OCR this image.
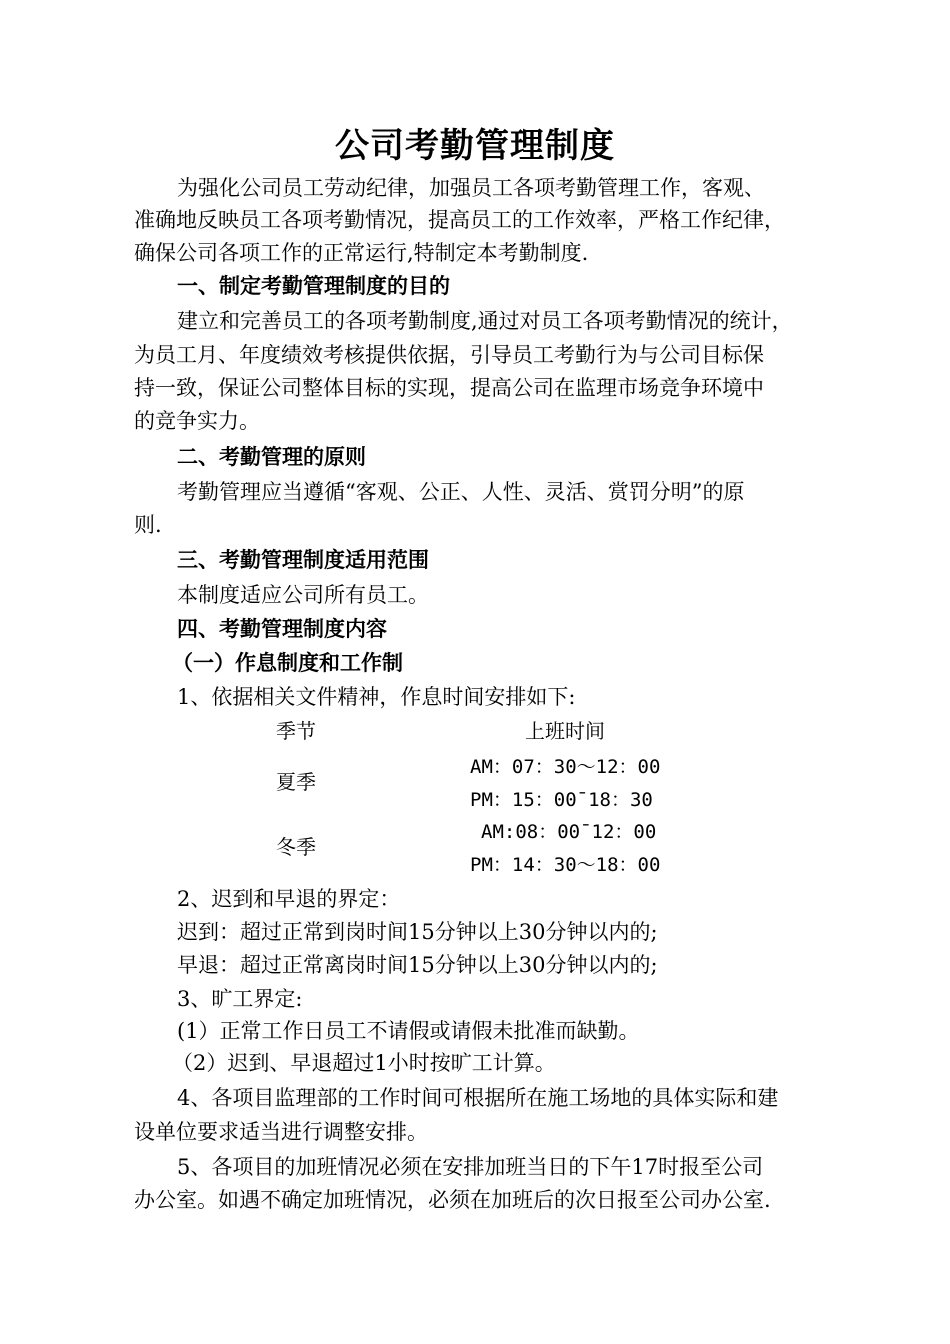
公司考勤管理制度
为强化公司员工劳动纪律，加强员工各项考勤管理工作，客观、
准确地反映员工各项考勤情况，提高员工的工作效率，严格工作纪律，
确保公司各项工作的正常运行,特制定本考勤制度.
一、制定考勤管理制度的目的
建立和完善员工的各项考勤制度,通过对员工各项考勤情况的统计，
为员工月、年度绩效考核提供依据，引导员工考勤行为与公司目标保
持一致，保证公司整体目标的实现，提高公司在监理市场竞争环境中
的竞争实力。
二、考勤管理的原则
考勤管理应当遵循“客观、公正、人性、灵活、赏罚分明”的原
则.
三、考勤管理制度适用范围
本制度适应公司所有员工。
四、考勤管理制度内容
（一）作息制度和工作制
1、依据相关文件精神，作息时间安排如下:
季节	上班时间
夏季
AM：07：30～12：00
PM：15：00¯18：30
冬季
AM:08：00¯12：00
PM：14：30～18：00
2、迟到和早退的界定：
迟到：超过正常到岗时间15分钟以上30分钟以内的;
早退：超过正常离岗时间15分钟以上30分钟以内的;
3、旷工界定:
(1）正常工作日员工不请假或请假未批准而缺勤。
（2）迟到、早退超过1小时按旷工计算。
4、各项目监理部的工作时间可根据所在施工场地的具体实际和建
设单位要求适当进行调整安排。
5、各项目的加班情况必须在安排加班当日的下午17时报至公司
办公室。如遇不确定加班情况，必须在加班后的次日报至公司办公室.
